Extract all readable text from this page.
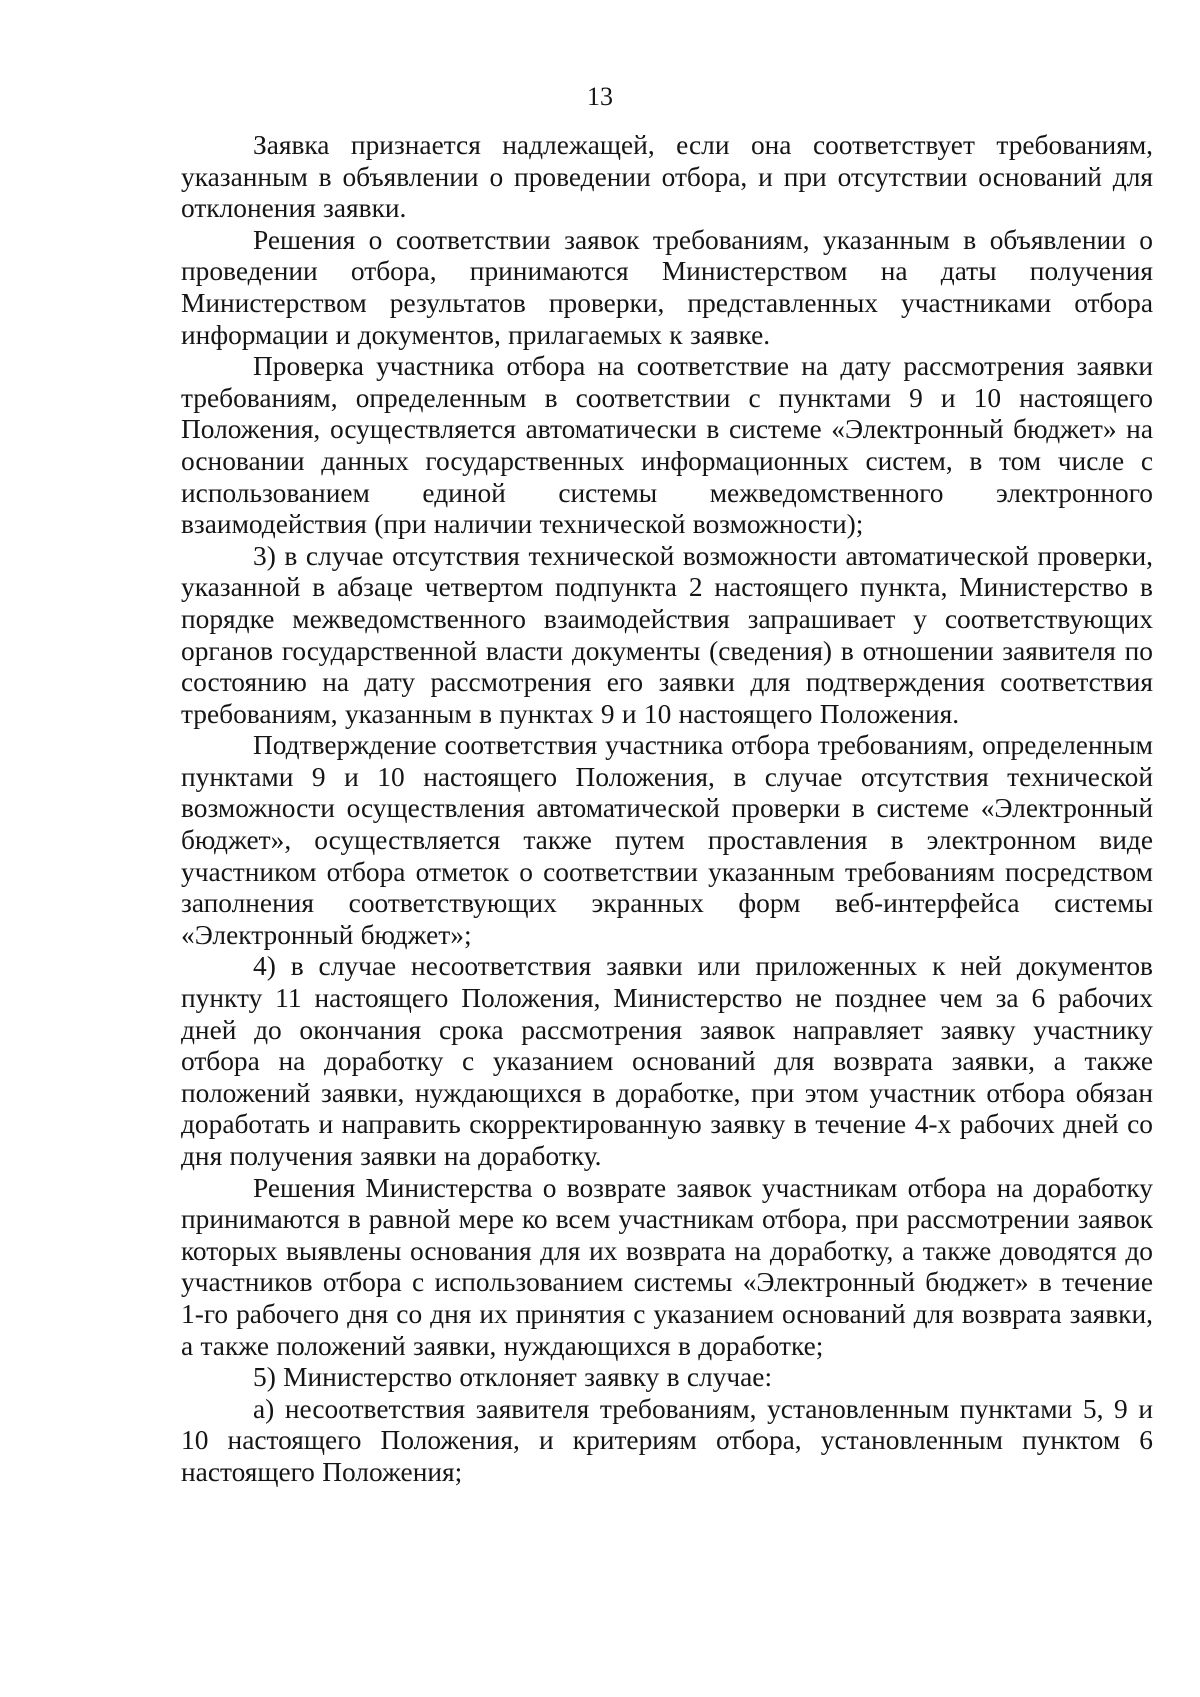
13

Заявка признается надлежащей, если она соответствует требованиям, указанным в объявлении о проведении отбора, и при отсутствии оснований для отклонения заявки.

Решения о соответствии заявок требованиям, указанным в объявлении о проведении отбора, принимаются Министерством на даты получения Министерством результатов проверки, представленных участниками отбора информации и документов, прилагаемых к заявке.

Проверка участника отбора на соответствие на дату рассмотрения заявки требованиям, определенным в соответствии с пунктами 9 и 10 настоящего Положения, осуществляется автоматически в системе «Электронный бюджет» на основании данных государственных информационных систем, в том числе с использованием единой системы межведомственного электронного взаимодействия (при наличии технической возможности);

3) в случае отсутствия технической возможности автоматической проверки, указанной в абзаце четвертом подпункта 2 настоящего пункта, Министерство в порядке межведомственного взаимодействия запрашивает у соответствующих органов государственной власти документы (сведения) в отношении заявителя по состоянию на дату рассмотрения его заявки для подтверждения соответствия требованиям, указанным в пунктах 9 и 10 настоящего Положения.

Подтверждение соответствия участника отбора требованиям, определенным пунктами 9 и 10 настоящего Положения, в случае отсутствия технической возможности осуществления автоматической проверки в системе «Электронный бюджет», осуществляется также путем проставления в электронном виде участником отбора отметок о соответствии указанным требованиям посредством заполнения соответствующих экранных форм веб-интерфейса системы «Электронный бюджет»;

4) в случае несоответствия заявки или приложенных к ней документов пункту 11 настоящего Положения, Министерство не позднее чем за 6 рабочих дней до окончания срока рассмотрения заявок направляет заявку участнику отбора на доработку с указанием оснований для возврата заявки, а также положений заявки, нуждающихся в доработке, при этом участник отбора обязан доработать и направить скорректированную заявку в течение 4-х рабочих дней со дня получения заявки на доработку.

Решения Министерства о возврате заявок участникам отбора на доработку принимаются в равной мере ко всем участникам отбора, при рассмотрении заявок которых выявлены основания для их возврата на доработку, а также доводятся до участников отбора с использованием системы «Электронный бюджет» в течение 1-го рабочего дня со дня их принятия с указанием оснований для возврата заявки, а также положений заявки, нуждающихся в доработке;

5) Министерство отклоняет заявку в случае:

а) несоответствия заявителя требованиям, установленным пунктами 5, 9 и 10 настоящего Положения, и критериям отбора, установленным пунктом 6 настоящего Положения;
